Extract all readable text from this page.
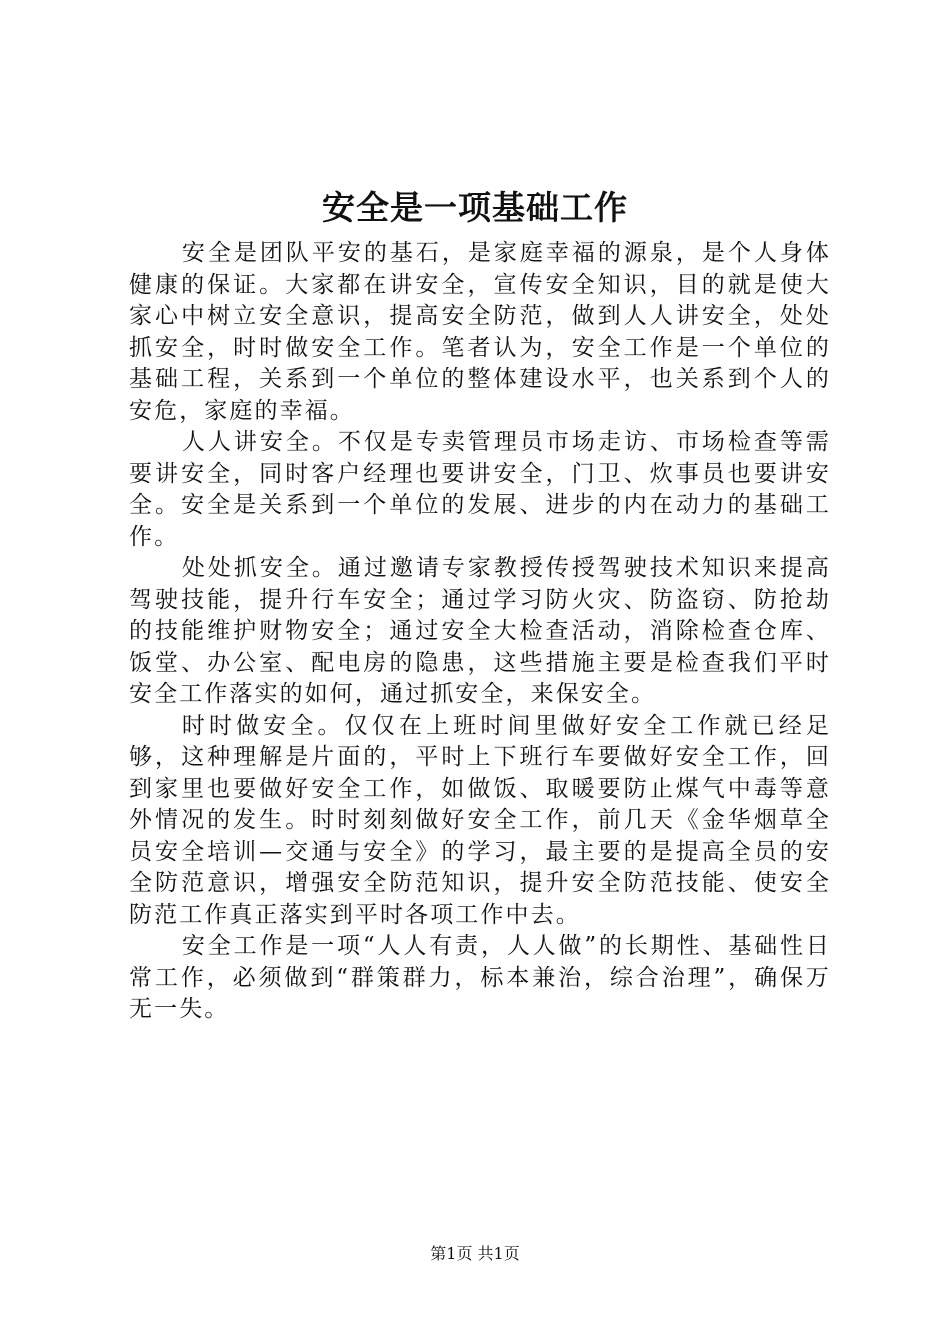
安全是一项基础工作

安全是团队平安的基石，是家庭幸福的源泉，是个人身体健康的保证。大家都在讲安全，宣传安全知识，目的就是使大家心中树立安全意识，提高安全防范，做到人人讲安全，处处抓安全，时时做安全工作。笔者认为，安全工作是一个单位的基础工程，关系到一个单位的整体建设水平，也关系到个人的安危，家庭的幸福。

人人讲安全。不仅是专卖管理员市场走访、市场检查等需要讲安全，同时客户经理也要讲安全，门卫、炊事员也要讲安全。安全是关系到一个单位的发展、进步的内在动力的基础工作。

处处抓安全。通过邀请专家教授传授驾驶技术知识来提高驾驶技能，提升行车安全；通过学习防火灾、防盗窃、防抢劫的技能维护财物安全；通过安全大检查活动，消除检查仓库、饭堂、办公室、配电房的隐患，这些措施主要是检查我们平时安全工作落实的如何，通过抓安全，来保安全。

时时做安全。仅仅在上班时间里做好安全工作就已经足够，这种理解是片面的，平时上下班行车要做好安全工作，回到家里也要做好安全工作，如做饭、取暖要防止煤气中毒等意外情况的发生。时时刻刻做好安全工作，前几天《金华烟草全员安全培训—交通与安全》的学习，最主要的是提高全员的安全防范意识，增强安全防范知识，提升安全防范技能、使安全防范工作真正落实到平时各项工作中去。

安全工作是一项“人人有责，人人做”的长期性、基础性日常工作，必须做到“群策群力，标本兼治，综合治理”，确保万无一失。

第1页 共1页
